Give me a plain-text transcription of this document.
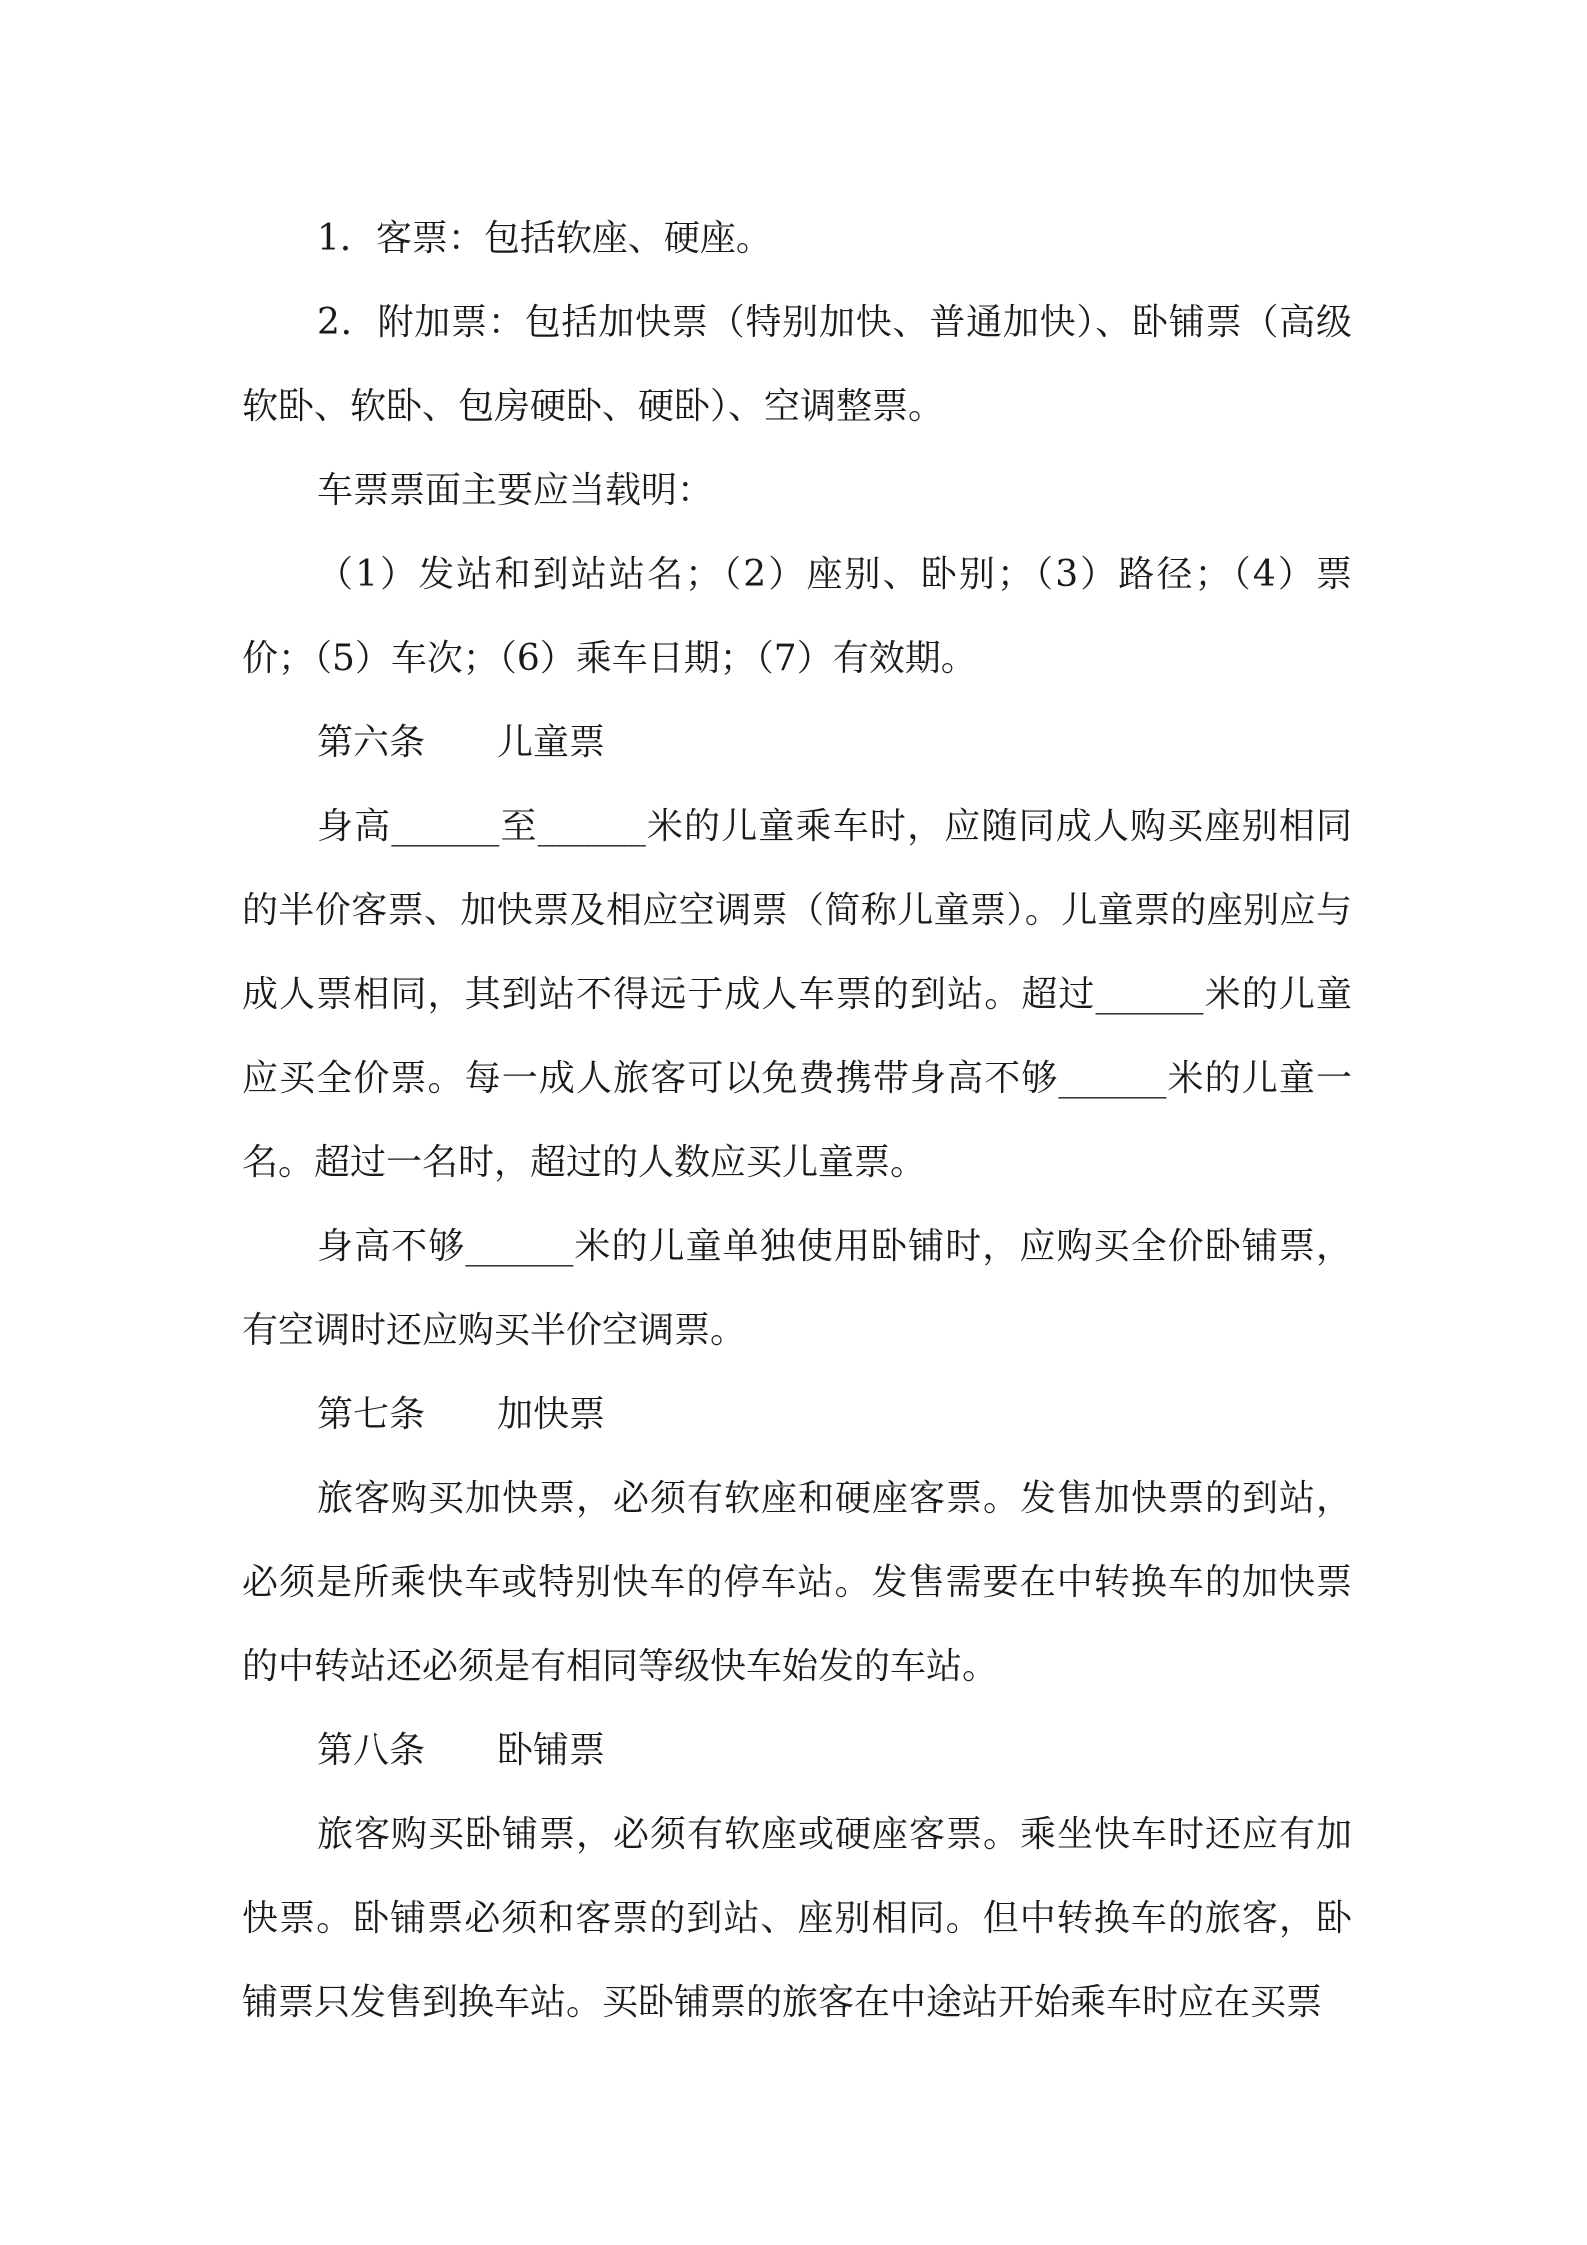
1．客票：包括软座、硬座。

2．附加票：包括加快票（特别加快、普通加快）、卧铺票（高级软卧、软卧、包房硬卧、硬卧）、空调整票。

车票票面主要应当载明：

（1）发站和到站站名；（2）座别、卧别；（3）路径；（4）票价；（5）车次；（6）乘车日期；（7）有效期。

第六条　　儿童票

身高______至______米的儿童乘车时，应随同成人购买座别相同的半价客票、加快票及相应空调票（简称儿童票）。儿童票的座别应与成人票相同，其到站不得远于成人车票的到站。超过______米的儿童应买全价票。每一成人旅客可以免费携带身高不够______米的儿童一名。超过一名时，超过的人数应买儿童票。

身高不够______米的儿童单独使用卧铺时，应购买全价卧铺票，有空调时还应购买半价空调票。

第七条　　加快票

旅客购买加快票，必须有软座和硬座客票。发售加快票的到站，必须是所乘快车或特别快车的停车站。发售需要在中转换车的加快票的中转站还必须是有相同等级快车始发的车站。

第八条　　卧铺票

旅客购买卧铺票，必须有软座或硬座客票。乘坐快车时还应有加快票。卧铺票必须和客票的到站、座别相同。但中转换车的旅客，卧铺票只发售到换车站。买卧铺票的旅客在中途站开始乘车时应在买票
